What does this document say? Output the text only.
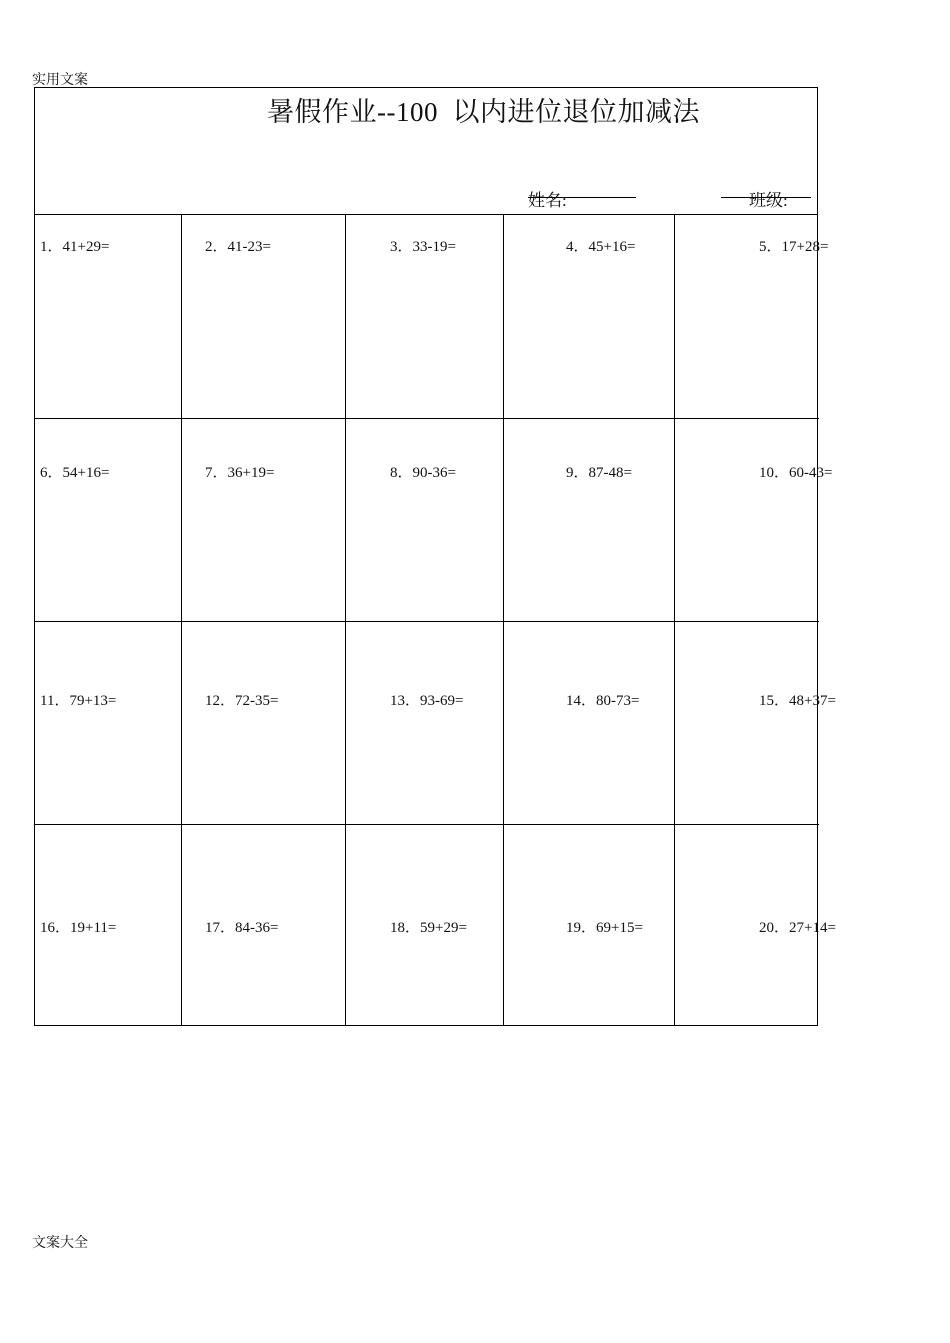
实用文案
暑假作业--100  以内进位退位加减法
姓名:	班级:
1．41+29=	2．41-23=	3．33-19=	4．45+16=	5．17+28=
6．54+16=	7．36+19=	8．90-36=	9．87-48=	10．60-43=
11．79+13=	12．72-35=	13．93-69=	14．80-73=	15．48+37=
16．19+11=	17．84-36=	18．59+29=	19．69+15=	20．27+14=
文案大全
